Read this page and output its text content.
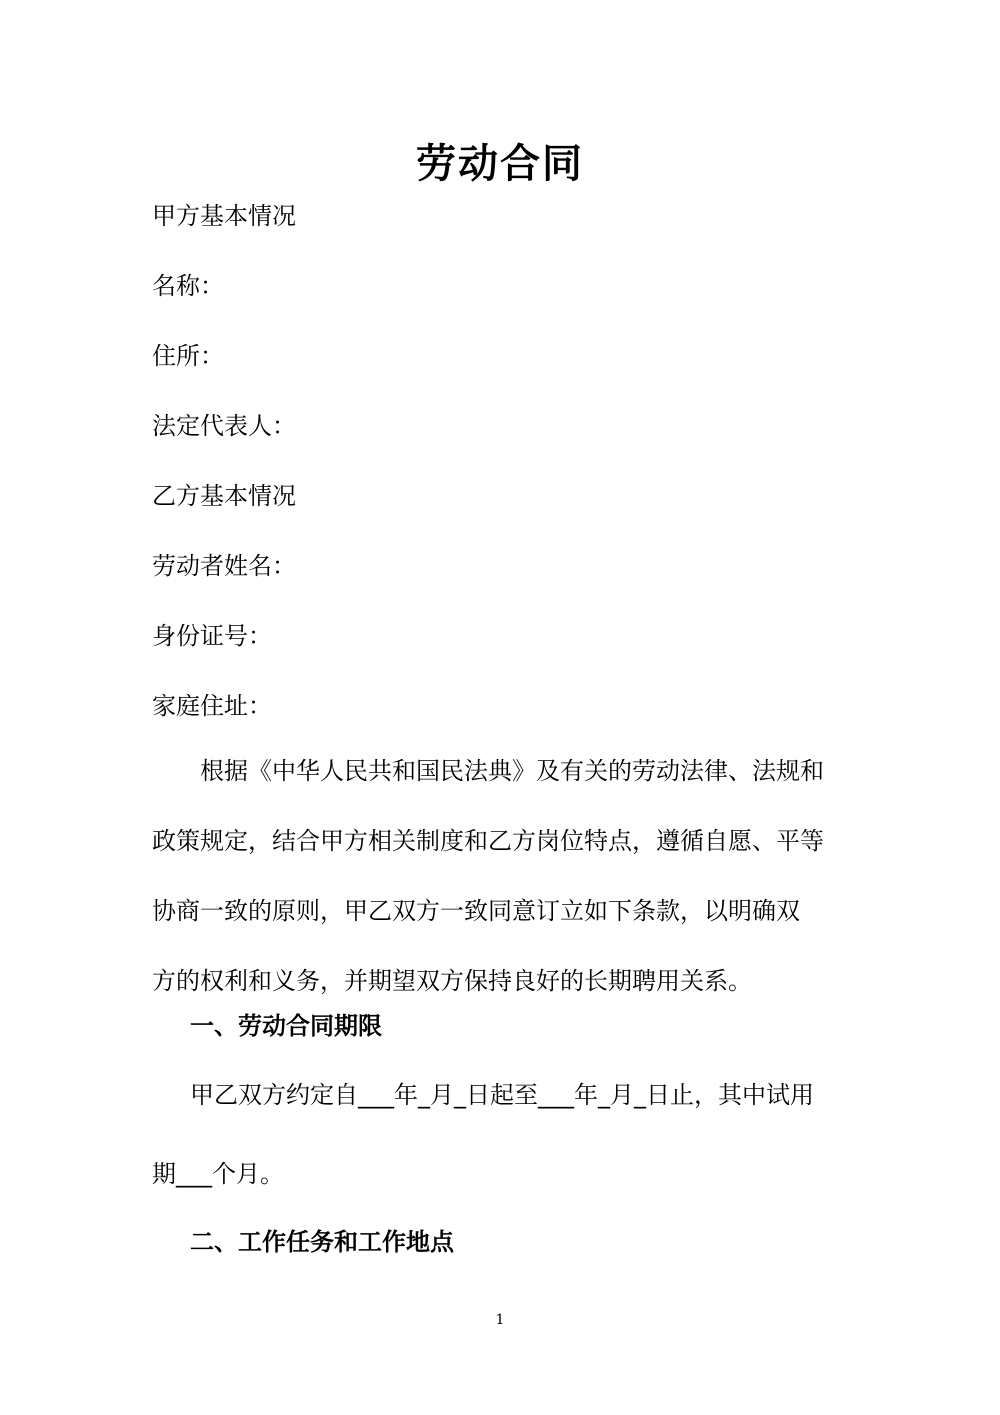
劳动合同
甲方基本情况
名称：
住所：
法定代表人：
乙方基本情况
劳动者姓名：
身份证号：
家庭住址：
　　根据《中华人民共和国民法典》及有关的劳动法律、法规和
政策规定，结合甲方相关制度和乙方岗位特点，遵循自愿、平等
协商一致的原则，甲乙双方一致同意订立如下条款，以明确双
方的权利和义务，并期望双方保持良好的长期聘用关系。
一、劳动合同期限
甲乙双方约定自___年_月_日起至___年_月_日止，其中试用
期___个月。
二、工作任务和工作地点
1
